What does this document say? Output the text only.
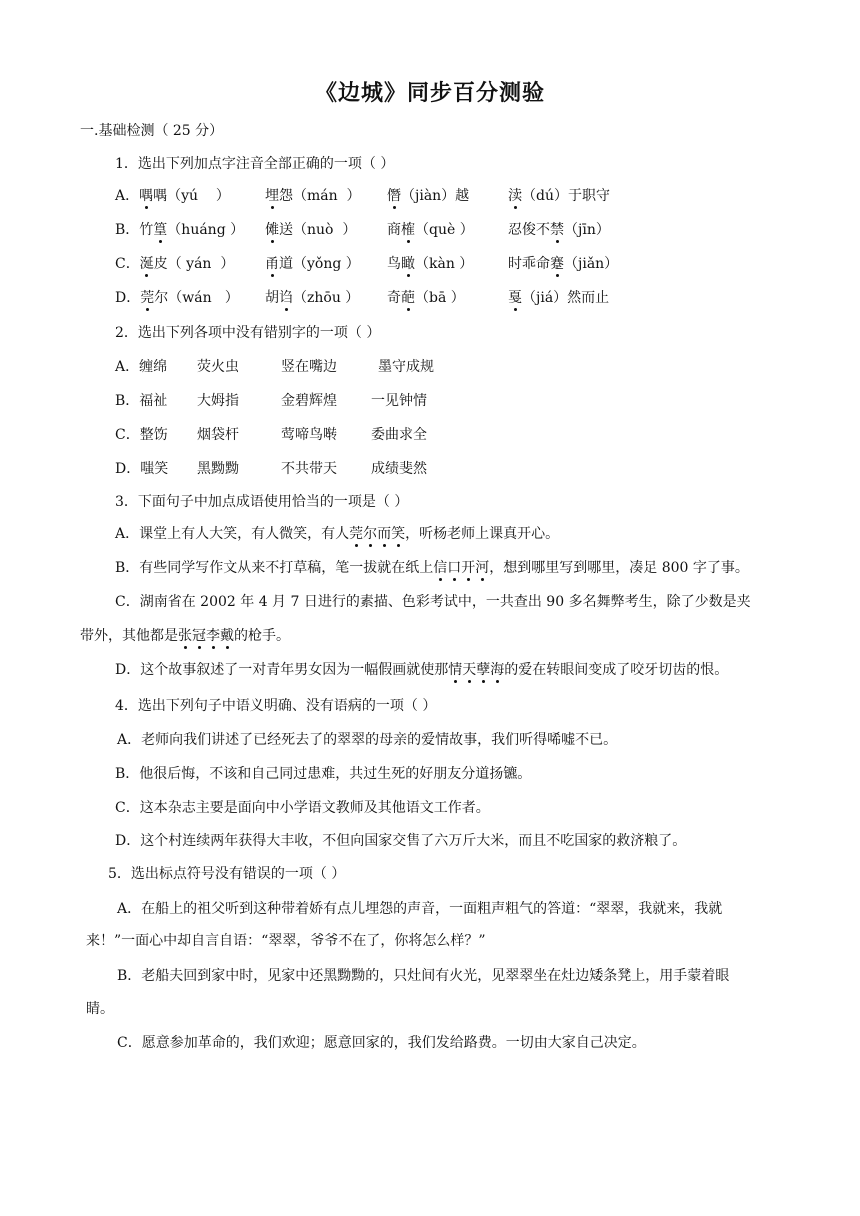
《边城》同步百分测验
一.基础检测（ 25 分）
1．选出下列加点字注音全部正确的一项（ ）
A．喁喁（yú    ）	埋怨（mán  ） 僭（jiàn）越	渎（dú）于职守
B．竹篁（huáng ） 傩送（nuò  ） 商榷（què ） 忍俊不禁（jīn）
C．涎皮（ yán  ） 甬道（yǒng ） 鸟瞰（kàn ） 时乖命蹇（jiǎn）
D．莞尔（wán   ） 胡诌（zhōu ） 奇葩（bā ）	戛（jiá）然而止
2．选出下列各项中没有错别字的一项（ ）
A．缠绵 荧火虫	竖在嘴边	墨守成规
B．福祉 大姆指	金碧辉煌 一见钟情
C．整饬 烟袋杆	莺啼鸟啭 委曲求全
D．嗤笑 黑黝黝	不共带天 成绩斐然
3．下面句子中加点成语使用恰当的一项是（ ）
A．课堂上有人大笑，有人微笑，有人莞尔而笑，听杨老师上课真开心。
B．有些同学写作文从来不打草稿，笔一拔就在纸上信口开河，想到哪里写到哪里，凑足 800 字了事。
C．湖南省在 2002 年 4 月 7 日进行的素描、色彩考试中，一共查出 90 多名舞弊考生，除了少数是夹
带外，其他都是张冠李戴的枪手。
D．这个故事叙述了一对青年男女因为一幅假画就使那情天孽海的爱在转眼间变成了咬牙切齿的恨。
4．选出下列句子中语义明确、没有语病的一项（ ）
A．老师向我们讲述了已经死去了的翠翠的母亲的爱情故事，我们听得唏嘘不已。
B．他很后悔，不该和自己同过患难，共过生死的好朋友分道扬镳。
C．这本杂志主要是面向中小学语文教师及其他语文工作者。
D．这个村连续两年获得大丰收，不但向国家交售了六万斤大米，而且不吃国家的救济粮了。
5．选出标点符号没有错误的一项（ ）
A．在船上的祖父听到这种带着娇有点儿埋怨的声音，一面粗声粗气的答道：“翠翠，我就来，我就
来！”一面心中却自言自语：“翠翠，爷爷不在了，你将怎么样？”
B．老船夫回到家中时，见家中还黑黝黝的，只灶间有火光，见翠翠坐在灶边矮条凳上，用手蒙着眼
睛。
C．愿意参加革命的，我们欢迎；愿意回家的，我们发给路费。一切由大家自己决定。
